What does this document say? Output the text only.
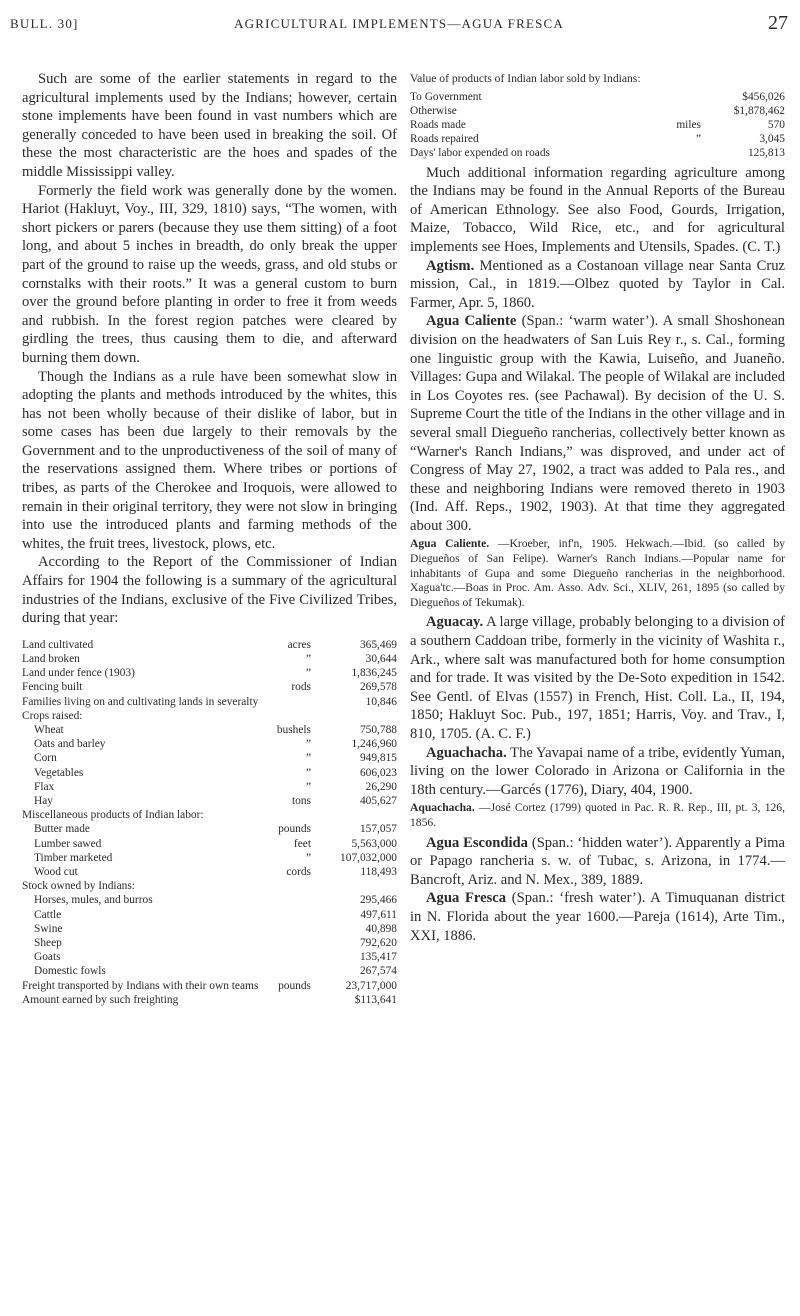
BULL. 30]	AGRICULTURAL IMPLEMENTS—AGUA FRESCA	27

Such are some of the earlier statements in regard to the agricultural implements used by the Indians; however, certain stone implements have been found in vast numbers which are generally conceded to have been used in breaking the soil. Of these the most characteristic are the hoes and spades of the middle Mississippi valley.

Formerly the field work was generally done by the women. Hariot (Hakluyt, Voy., III, 329, 1810) says, “The women, with short pickers or parers (because they use them sitting) of a foot long, and about 5 inches in breadth, do only break the upper part of the ground to raise up the weeds, grass, and old stubs or cornstalks with their roots.” It was a general custom to burn over the ground before planting in order to free it from weeds and rubbish. In the forest region patches were cleared by girdling the trees, thus causing them to die, and afterward burning them down.

Though the Indians as a rule have been somewhat slow in adopting the plants and methods introduced by the whites, this has not been wholly because of their dislike of labor, but in some cases has been due largely to their removals by the Government and to the unproductiveness of the soil of many of the reservations assigned them. Where tribes or portions of tribes, as parts of the Cherokee and Iroquois, were allowed to remain in their original territory, they were not slow in bringing into use the introduced plants and farming methods of the whites, the fruit trees, livestock, plows, etc.

According to the Report of the Commissioner of Indian Affairs for 1904 the following is a summary of the agricultural industries of the Indians, exclusive of the Five Civilized Tribes, during that year:

Land cultivated	acres	365,469
Land broken	”	30,644
Land under fence (1903)	”	1,836,245
Fencing built	rods	269,578
Families living on and cultivating lands in severalty		10,846
Crops raised:		
Wheat	bushels	750,788
Oats and barley	”	1,246,960
Corn	”	949,815
Vegetables	”	606,023
Flax	”	26,290
Hay	tons	405,627
Miscellaneous products of Indian labor:		
Butter made	pounds	157,057
Lumber sawed	feet	5,563,000
Timber marketed	”	107,032,000
Wood cut	cords	118,493
Stock owned by Indians:		
Horses, mules, and burros		295,466
Cattle		497,611
Swine		40,898
Sheep		792,620
Goats		135,417
Domestic fowls		267,574
Freight transported by Indians with their own teams	pounds	23,717,000
Amount earned by such freighting		$113,641

Value of products of Indian labor sold by Indians:

To Government		$456,026
Otherwise		$1,878,462
Roads made	miles	570
Roads repaired	”	3,045
Days' labor expended on roads		125,813

Much additional information regarding agriculture among the Indians may be found in the Annual Reports of the Bureau of American Ethnology. See also Food, Gourds, Irrigation, Maize, Tobacco, Wild Rice, etc., and for agricultural implements see Hoes, Implements and Utensils, Spades. (C. T.)

Agtism. Mentioned as a Costanoan village near Santa Cruz mission, Cal., in 1819.—Olbez quoted by Taylor in Cal. Farmer, Apr. 5, 1860.

Agua Caliente (Span.: ‘warm water’). A small Shoshonean division on the headwaters of San Luis Rey r., s. Cal., forming one linguistic group with the Kawia, Luiseño, and Juaneño. Villages: Gupa and Wilakal. The people of Wilakal are included in Los Coyotes res. (see Pachawal). By decision of the U. S. Supreme Court the title of the Indians in the other village and in several small Diegueño rancherias, collectively better known as “Warner's Ranch Indians,” was disproved, and under act of Congress of May 27, 1902, a tract was added to Pala res., and these and neighboring Indians were removed thereto in 1903 (Ind. Aff. Reps., 1902, 1903). At that time they aggregated about 300.

Agua Caliente. —Kroeber, inf'n, 1905. Hekwach.—Ibid. (so called by Diegueños of San Felipe). Warner's Ranch Indians.—Popular name for inhabitants of Gupa and some Diegueño rancherias in the neighborhood. Xagua'tc.—Boas in Proc. Am. Asso. Adv. Sci., XLIV, 261, 1895 (so called by Diegueños of Tekumak).

Aguacay. A large village, probably belonging to a division of a southern Caddoan tribe, formerly in the vicinity of Washita r., Ark., where salt was manufactured both for home consumption and for trade. It was visited by the De-Soto expedition in 1542. See Gentl. of Elvas (1557) in French, Hist. Coll. La., II, 194, 1850; Hakluyt Soc. Pub., 197, 1851; Harris, Voy. and Trav., I, 810, 1705. (A. C. F.)

Aguachacha. The Yavapai name of a tribe, evidently Yuman, living on the lower Colorado in Arizona or California in the 18th century.—Garcés (1776), Diary, 404, 1900.

Aquachacha. —José Cortez (1799) quoted in Pac. R. R. Rep., III, pt. 3, 126, 1856.

Agua Escondida (Span.: ‘hidden water’). Apparently a Pima or Papago rancheria s. w. of Tubac, s. Arizona, in 1774.—Bancroft, Ariz. and N. Mex., 389, 1889.

Agua Fresca (Span.: ‘fresh water’). A Timuquanan district in N. Florida about the year 1600.—Pareja (1614), Arte Tim., XXI, 1886.
